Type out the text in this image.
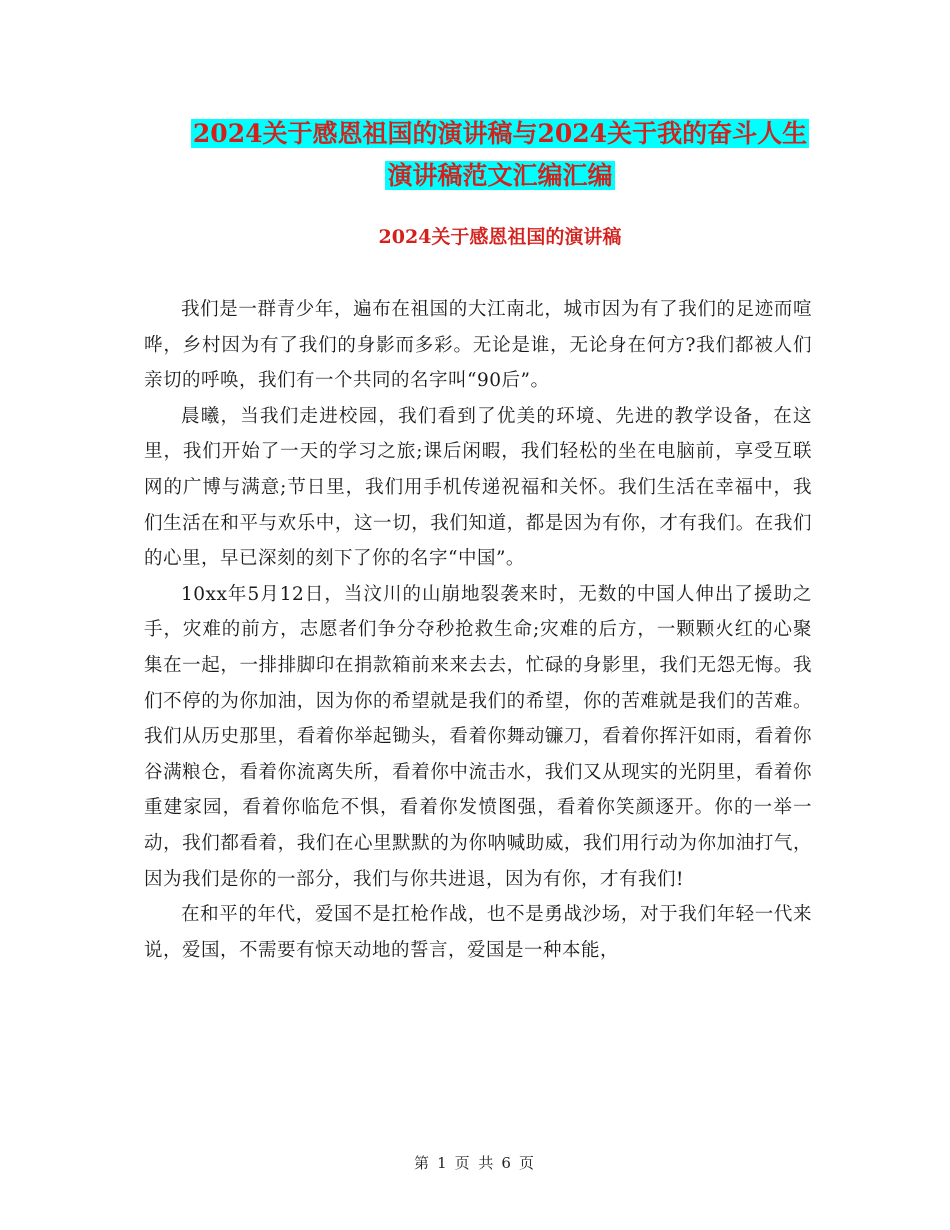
2024关于感恩祖国的演讲稿与2024关于我的奋斗人生
演讲稿范文汇编汇编
2024关于感恩祖国的演讲稿

我们是一群青少年，遍布在祖国的大江南北，城市因为有了我们的足迹而喧哗，乡村因为有了我们的身影而多彩。无论是谁，无论身在何方?我们都被人们亲切的呼唤，我们有一个共同的名字叫“90后”。

晨曦，当我们走进校园，我们看到了优美的环境、先进的教学设备，在这里，我们开始了一天的学习之旅;课后闲暇，我们轻松的坐在电脑前，享受互联网的广博与满意;节日里，我们用手机传递祝福和关怀。我们生活在幸福中，我们生活在和平与欢乐中，这一切，我们知道，都是因为有你，才有我们。在我们的心里，早已深刻的刻下了你的名字“中国”。

10xx年5月12日，当汶川的山崩地裂袭来时，无数的中国人伸出了援助之手，灾难的前方，志愿者们争分夺秒抢救生命;灾难的后方，一颗颗火红的心聚集在一起，一排排脚印在捐款箱前来来去去，忙碌的身影里，我们无怨无悔。我们不停的为你加油，因为你的希望就是我们的希望，你的苦难就是我们的苦难。我们从历史那里，看着你举起锄头，看着你舞动镰刀，看着你挥汗如雨，看着你谷满粮仓，看着你流离失所，看着你中流击水，我们又从现实的光阴里，看着你重建家园，看着你临危不惧，看着你发愤图强，看着你笑颜逐开。你的一举一动，我们都看着，我们在心里默默的为你呐喊助威，我们用行动为你加油打气，因为我们是你的一部分，我们与你共进退，因为有你，才有我们!

在和平的年代，爱国不是扛枪作战，也不是勇战沙场，对于我们年轻一代来说，爱国，不需要有惊天动地的誓言，爱国是一种本能，

第 1 页 共 6 页
